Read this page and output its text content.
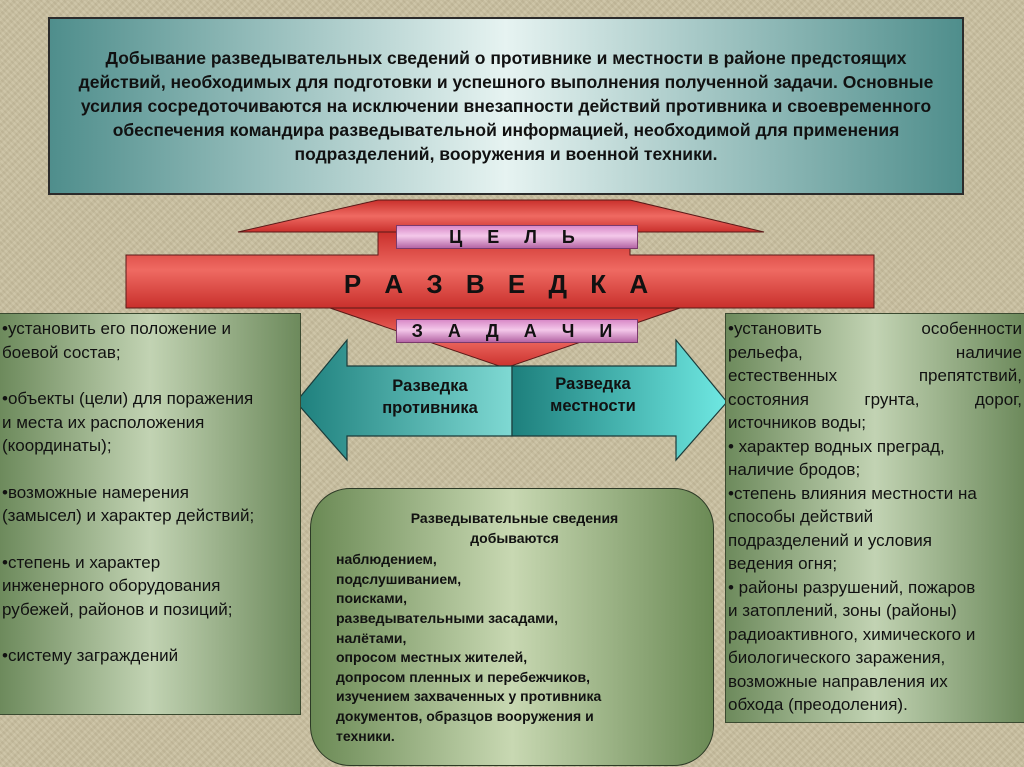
Добывание разведывательных сведений о противнике и местности в районе предстоящих действий, необходимых для подготовки и успешного выполнения полученной задачи. Основные усилия сосредоточиваются на исключении внезапности действий противника и своевременного обеспечения командира разведывательной информацией, необходимой для применения подразделений, вооружения и военной техники.
Ц Е Л Ь
Р А З В Е Д К А
З А Д А Ч И
Разведка
противника
Разведка
местности

•установить его положение и

боевой состав;

•объекты (цели) для поражения

и места их расположения

(координаты);

•возможные намерения

(замысел) и характер действий;

•степень и характер

инженерного оборудования

рубежей, районов и позиций;

•систему заграждений

•установить особенности

рельефа, наличие

естественных препятствий,

состояния грунта, дорог,

источников воды;

• характер водных преград,

наличие бродов;

•степень влияния местности на

способы действий

подразделений и условия

ведения огня;

• районы разрушений, пожаров

и затоплений, зоны (районы)

радиоактивного, химического и

биологического заражения,

возможные направления их

обхода (преодоления).

Разведывательные сведения
добываются

наблюдением,

подслушиванием,

поисками,

разведывательными засадами,

налётами,

опросом местных жителей,

допросом пленных и перебежчиков,

изучением захваченных у противника

документов, образцов вооружения и

техники.
